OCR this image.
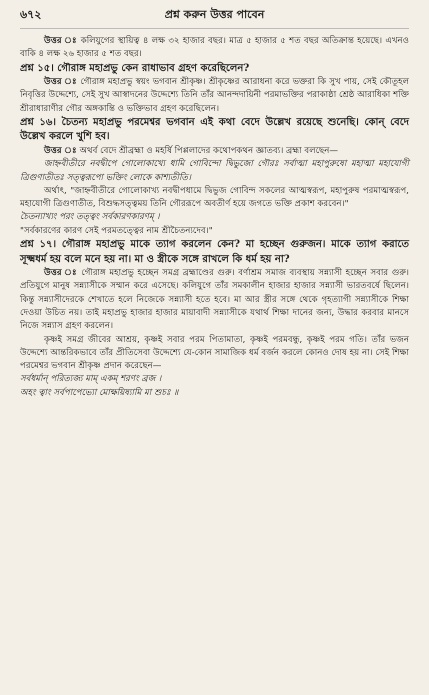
৬৭২	প্রশ্ন করুন উত্তর পাবেন

উত্তর ঃ কলিযুগের স্থায়িত্ব ৪ লক্ষ ৩২ হাজার বছর। মাত্র ৫ হাজার ৫ শত বছর অতিক্রান্ত হয়েছে। এখনও বাকি ৪ লক্ষ ২৬ হাজার ৫ শত বছর।

প্রশ্ন ১৫। গৌরাঙ্গ মহাপ্রভু কেন রাধাভাব গ্রহণ করেছিলেন?

উত্তর ঃ গৌরাঙ্গ মহাপ্রভু স্বয়ং ভগবান শ্রীকৃষ্ণ। শ্রীকৃষ্ণের আরাধনা করে ভক্তরা কি সুখ পায়, সেই কৌতূহল নিবৃত্তির উদ্দেশ্যে, সেই সুখ আস্বাদনের উদ্দেশ্যে তিনি তাঁর আনন্দদায়িনী পরমাভক্তির পরাকাষ্ঠা শ্রেষ্ঠ আরাধিকা শক্তি শ্রীরাধারাণীর গৌর অঙ্গকান্তি ও ভক্তিভাব গ্রহণ করেছিলেন।

প্রশ্ন ১৬। চৈতন্য মহাপ্রভু পরমেশ্বর ভগবান এই কথা বেদে উল্লেখ রয়েছে শুনেছি। কোন্ বেদে উল্লেখ করলে খুশি হব।

উত্তর ঃ অথর্ব বেদে শ্রীব্রহ্মা ও মহর্ষি পিপ্পলাদের কথোপকথন জ্ঞাতব্য। ব্রহ্মা বলছেন—

জাহ্নবীতীরে নবদ্বীপে গোলোকাখ্যে ধামি গোবিন্দো দ্বিভুজো গৌরঃ সর্বাত্মা মহাপুরুষো মহাত্মা মহাযোগী ত্রিগুণাতীতঃ সত্ত্বরূপো ভক্তিং লোকে কাশ্যতীতি।

অর্থাৎ, "জাহ্নবীতীরে গোলোকাখ্য নবদ্বীপধামে দ্বিভুজ গোবিন্দ সকলের আত্মস্বরূপ, মহাপুরুষ পরমাত্মস্বরূপ, মহাযোগী ত্রিগুণাতীত, বিশুদ্ধসত্ত্বময় তিনি গৌররূপে অবতীর্ণ হয়ে জগতে ভক্তি প্রকাশ করবেন।"

চৈতন্যাখ্যং পরং তত্ত্বং সর্বকারণকারণম্ ।

"সর্বকারণের কারণ সেই পরমতত্ত্বের নাম শ্রীচৈতন্যদেব।"

প্রশ্ন ১৭। গৌরাঙ্গ মহাপ্রভু মাকে ত্যাগ করলেন কেন? মা হচ্ছেন গুরুজন। মাকে ত্যাগ করাতে সূক্ষ্মধর্ম হয় বলে মনে হয় না। মা ও স্ত্রীকে সঙ্গে রাখলে কি ধর্ম হয় না?

উত্তর ঃ গৌরাঙ্গ মহাপ্রভু হচ্ছেন সমগ্র ব্রহ্মাণ্ডের গুরু। বর্ণাশ্রম সমাজ ব্যবস্থায় সন্ন্যাসী হচ্ছেন সবার গুরু। প্রতিযুগে মানুষ সন্ন্যাসীকে সম্মান করে এসেছে। কলিযুগে তাঁর সমকালীন হাজার হাজার সন্ন্যাসী ভারতবর্ষে ছিলেন। কিন্তু সন্ন্যাসীদেরকে শেখাতে হলে নিজেকে সন্ন্যাসী হতে হবে। মা আর স্ত্রীর সঙ্গে থেকে গৃহত্যাগী সন্ন্যাসীকে শিক্ষা দেওয়া উচিত নয়। তাই মহাপ্রভু হাজার হাজার মায়াবাদী সন্ন্যাসীকে যথার্থ শিক্ষা দানের জন্য, উদ্ধার করবার মানসে নিজে সন্ন্যাস গ্রহণ করলেন।

কৃষ্ণই সমগ্র জীবের আশ্রয়, কৃষ্ণই সবার পরম পিতামাতা, কৃষ্ণই পরমবন্ধু, কৃষ্ণই পরম গতি। তাঁর ভজন উদ্দেশ্যে আন্তরিকভাবে তাঁর প্রীতিসেবা উদ্দেশ্যে যে-কোন সামাজিক ধর্ম বর্জন করলে কোনও দোষ হয় না। সেই শিক্ষা পরমেশ্বর ভগবান শ্রীকৃষ্ণ প্রদান করেছেন—

সর্বধর্মান্ পরিত্যজ্য মাম্ একম্ শরণং ব্রজ ।

অহং ত্বাং সর্বপাপেভ্যো মোক্ষয়িষ্যামি মা শুচঃ ॥
